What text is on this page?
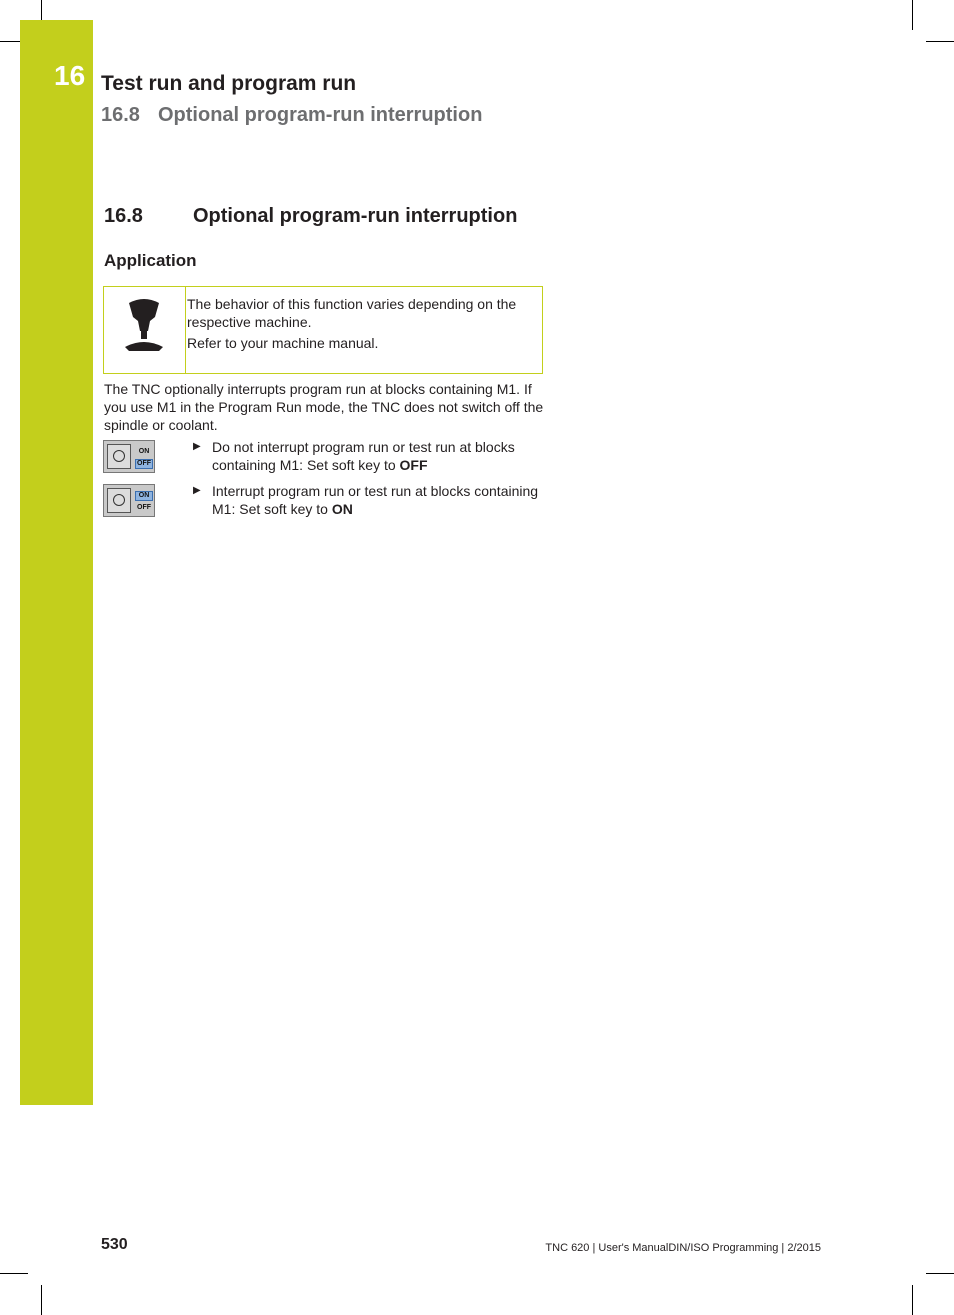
16 Test run and program run
16.8 Optional program-run interruption
16.8	Optional program-run interruption
Application

The behavior of this function varies depending on the respective machine.

Refer to your machine manual.

The TNC optionally interrupts program run at blocks containing M1. If you use M1 in the Program Run mode, the TNC does not switch off the spindle or coolant.
ON
OFF
▶ Do not interrupt program run or test run at blocks containing M1: Set soft key to OFF
ON
OFF
▶ Interrupt program run or test run at blocks containing M1: Set soft key to ON
530	TNC 620 | User's ManualDIN/ISO Programming | 2/2015
